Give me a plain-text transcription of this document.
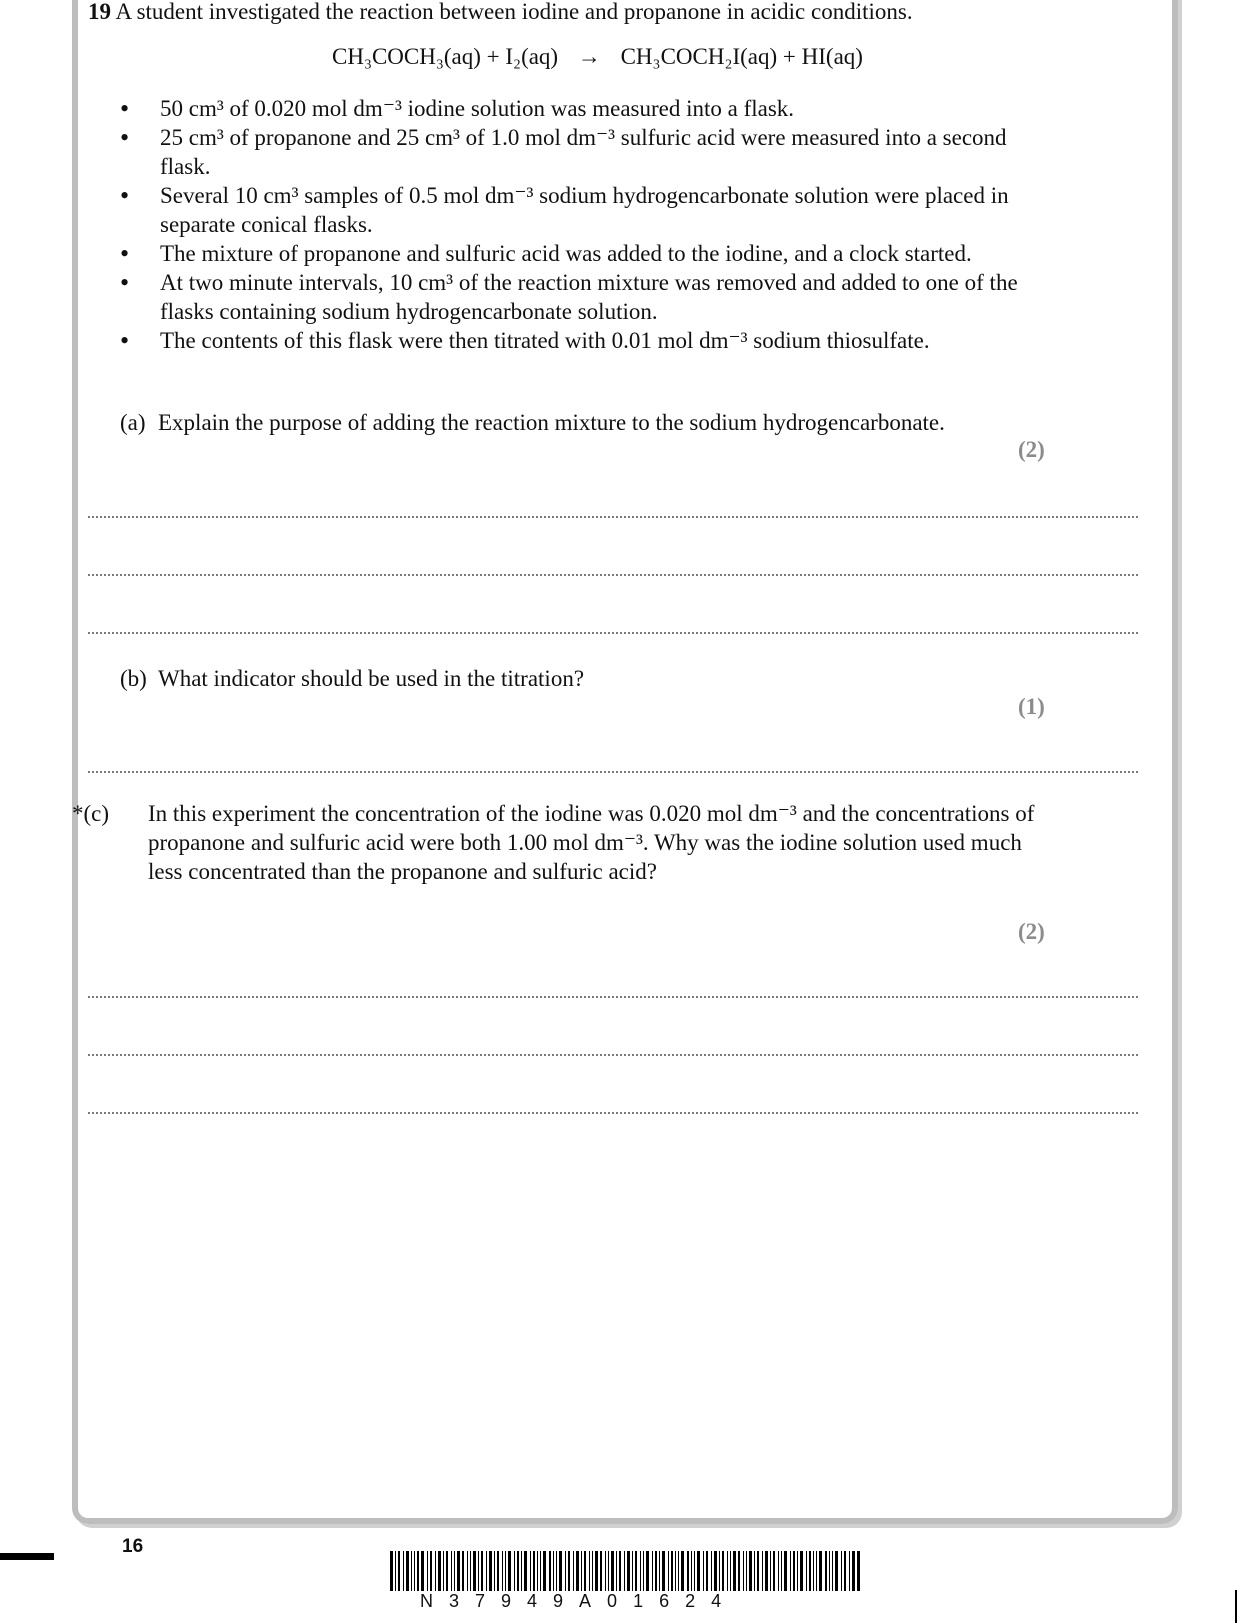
19 A student investigated the reaction between iodine and propanone in acidic conditions.
CH₃COCH₃(aq) + I₂(aq) → CH₃COCH₂I(aq) + HI(aq)
• 50 cm³ of 0.020 mol dm⁻³ iodine solution was measured into a flask.
• 25 cm³ of propanone and 25 cm³ of 1.0 mol dm⁻³ sulfuric acid were measured into a second flask.
• Several 10 cm³ samples of 0.5 mol dm⁻³ sodium hydrogencarbonate solution were placed in separate conical flasks.
• The mixture of propanone and sulfuric acid was added to the iodine, and a clock started.
• At two minute intervals, 10 cm³ of the reaction mixture was removed and added to one of the flasks containing sodium hydrogencarbonate solution.
• The contents of this flask were then titrated with 0.01 mol dm⁻³ sodium thiosulfate.
(a) Explain the purpose of adding the reaction mixture to the sodium hydrogencarbonate.
(2)
(b) What indicator should be used in the titration?
(1)
*(c) In this experiment the concentration of the iodine was 0.020 mol dm⁻³ and the concentrations of propanone and sulfuric acid were both 1.00 mol dm⁻³. Why was the iodine solution used much less concentrated than the propanone and sulfuric acid?
(2)
16
N37949A01624
